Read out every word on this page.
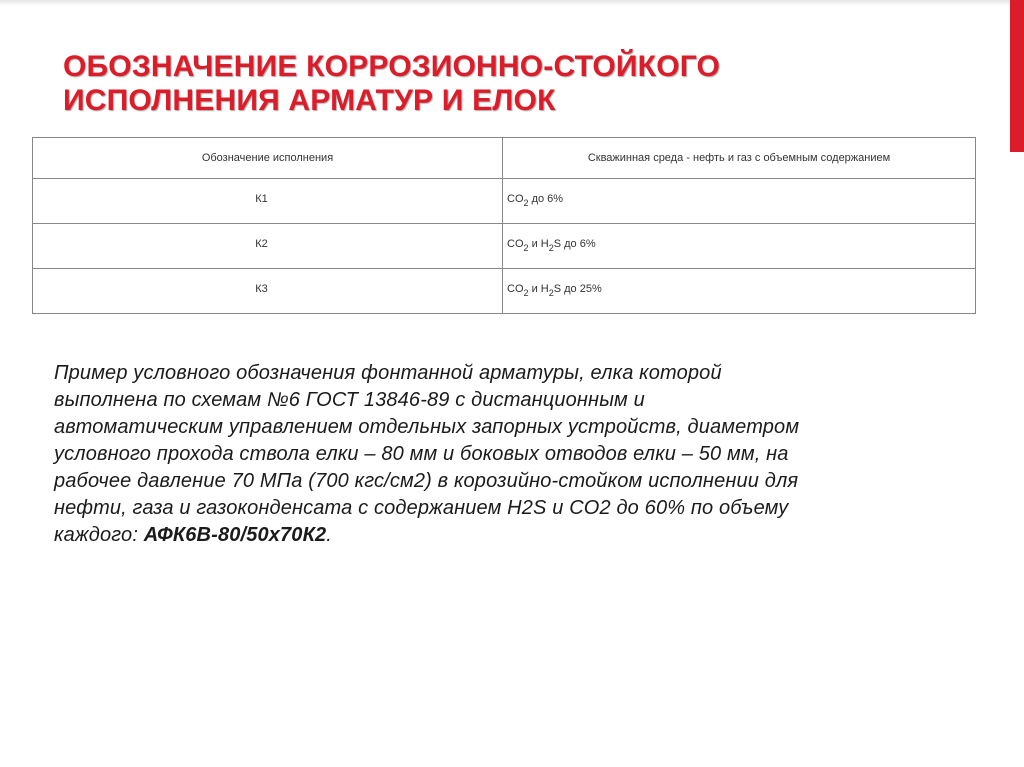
ОБОЗНАЧЕНИЕ КОРРОЗИОННО-СТОЙКОГО
ИСПОЛНЕНИЯ АРМАТУР И ЕЛОК
Обозначение исполнения	Скважинная среда - нефть и газ с объемным содержанием
К1	$CO_2$ до 6%
К2	$CO_2$ и $H_2S$ до 6%
К3	$CO_2$ и $H_2S$ до 25%
Пример условного обозначения фонтанной арматуры, елка которой
выполнена по схемам №6 ГОСТ 13846-89 с дистанционным и
автоматическим управлением отдельных запорных устройств, диаметром
условного прохода ствола елки – 80 мм и боковых отводов елки – 50 мм, на
рабочее давление 70 МПа (700 кгс/см2) в корозийно-стойком исполнении для
нефти, газа и газоконденсата с содержанием H2S и CO2 до 60% по объему
каждого: АФК6В-80/50х70К2.
